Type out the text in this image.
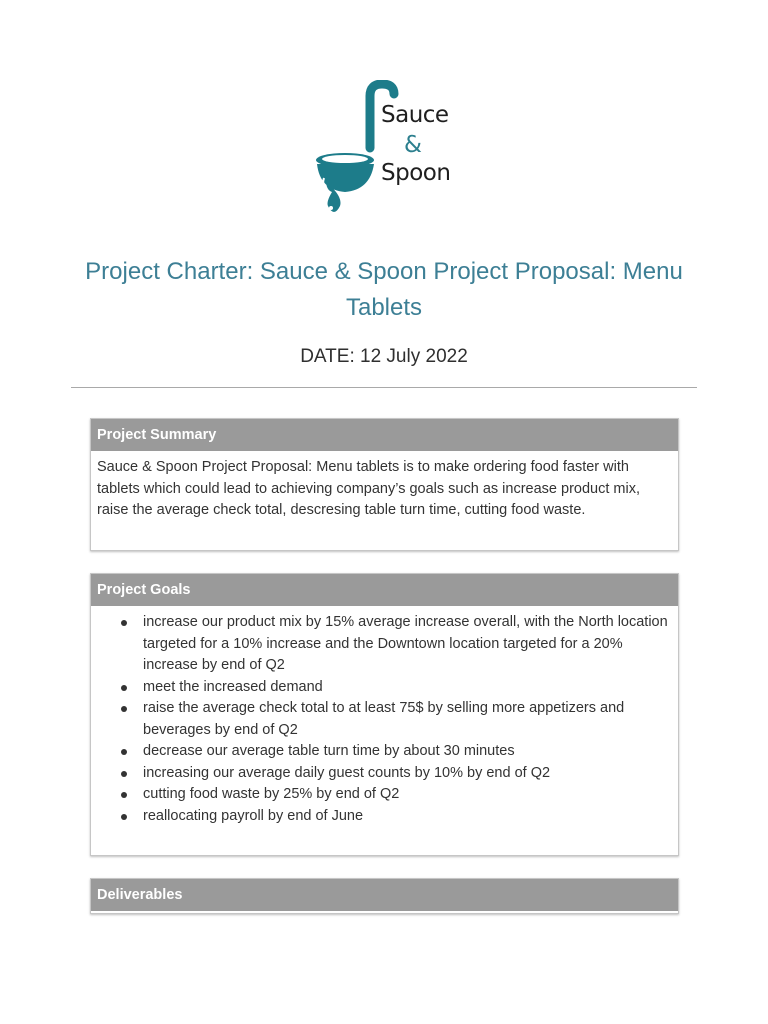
Sauce
&
Spoon
Project Charter: Sauce & Spoon Project Proposal: Menu Tablets
DATE: 12 July 2022
Project Summary
Sauce & Spoon Project Proposal: Menu tablets is to make ordering food faster with tablets which could lead to achieving company’s goals such as increase product mix, raise the average check total, descresing table turn time, cutting food waste.
Project Goals
increase our product mix by 15% average increase overall, with the North location targeted for a 10% increase and the Downtown location targeted for a 20% increase by end of Q2
meet the increased demand
raise the average check total to at least 75$ by selling more appetizers and beverages by end of Q2
decrease our average table turn time by about 30 minutes
increasing our average daily guest counts by 10% by end of Q2
cutting food waste by 25% by end of Q2
reallocating payroll by end of June
Deliverables
